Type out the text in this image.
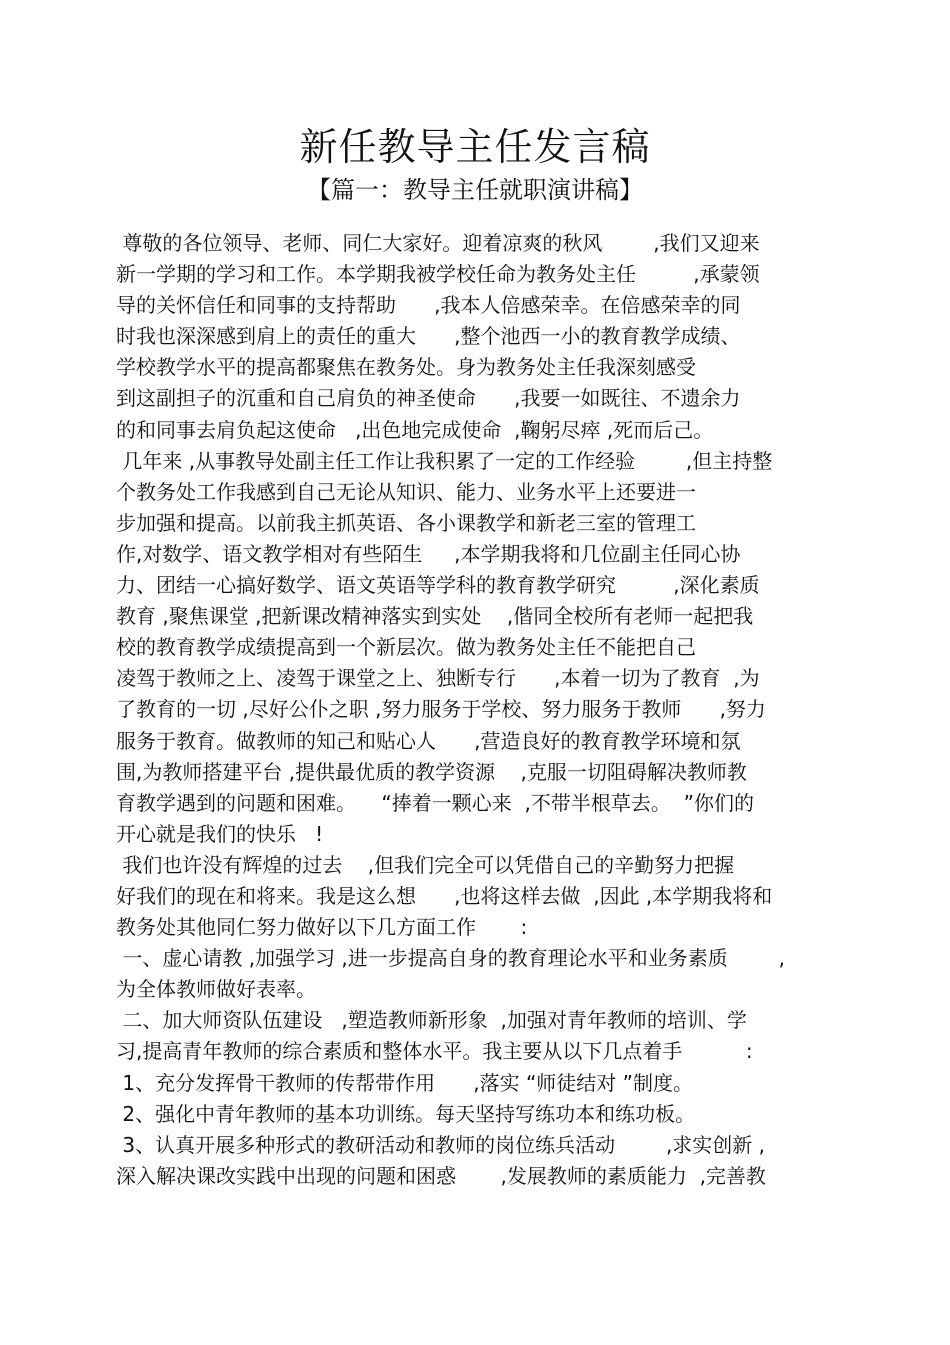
新任教导主任发言稿
【篇一：教导主任就职演讲稿】
尊敬的各位领导、老师、同仁大家好。迎着凉爽的秋风        ,我们又迎来
新一学期的学习和工作。本学期我被学校任命为教务处主任         ,承蒙领
导的关怀信任和同事的支持帮助      ,我本人倍感荣幸。在倍感荣幸的同
时我也深深感到肩上的责任的重大      ,整个池西一小的教育教学成绩、
学校教学水平的提高都聚焦在教务处。身为教务处主任我深刻感受
到这副担子的沉重和自己肩负的神圣使命      ,我要一如既往、不遗余力
的和同事去肩负起这使命   ,出色地完成使命  ,鞠躬尽瘁 ,死而后己。
几年来 ,从事教导处副主任工作让我积累了一定的工作经验        ,但主持整
个教务处工作我感到自己无论从知识、能力、业务水平上还要进一
步加强和提高。以前我主抓英语、各小课教学和新老三室的管理工
作,对数学、语文教学相对有些陌生     ,本学期我将和几位副主任同心协
力、团结一心搞好数学、语文英语等学科的教育教学研究         ,深化素质
教育 ,聚焦课堂 ,把新课改精神落实到实处    ,偕同全校所有老师一起把我
校的教育教学成绩提高到一个新层次。做为教务处主任不能把自己
凌驾于教师之上、凌驾于课堂之上、独断专行      ,本着一切为了教育  ,为
了教育的一切 ,尽好公仆之职 ,努力服务于学校、努力服务于教师      ,努力
服务于教育。做教师的知己和贴心人      ,营造良好的教育教学环境和氛
围,为教师搭建平台 ,提供最优质的教学资源    ,克服一切阻碍解决教师教
育教学遇到的问题和困难。    “捧着一颗心来  ,不带半根草去。  ”你们的
开心就是我们的快乐   !
我们也许没有辉煌的过去    ,但我们完全可以凭借自己的辛勤努力把握
好我们的现在和将来。我是这么想      ,也将这样去做  ,因此 ,本学期我将和
教务处其他同仁努力做好以下几方面工作       :
一、虚心请教 ,加强学习 ,进一步提高自身的教育理论水平和业务素质        ,
为全体教师做好表率。
二、加大师资队伍建设   ,塑造教师新形象  ,加强对青年教师的培训、学
习,提高青年教师的综合素质和整体水平。我主要从以下几点着手          :
1、充分发挥骨干教师的传帮带作用      ,落实 “师徒结对 ”制度。
2、强化中青年教师的基本功训练。每天坚持写练功本和练功板。
3、认真开展多种形式的教研活动和教师的岗位练兵活动        ,求实创新 ,
深入解决课改实践中出现的问题和困惑       ,发展教师的素质能力  ,完善教
